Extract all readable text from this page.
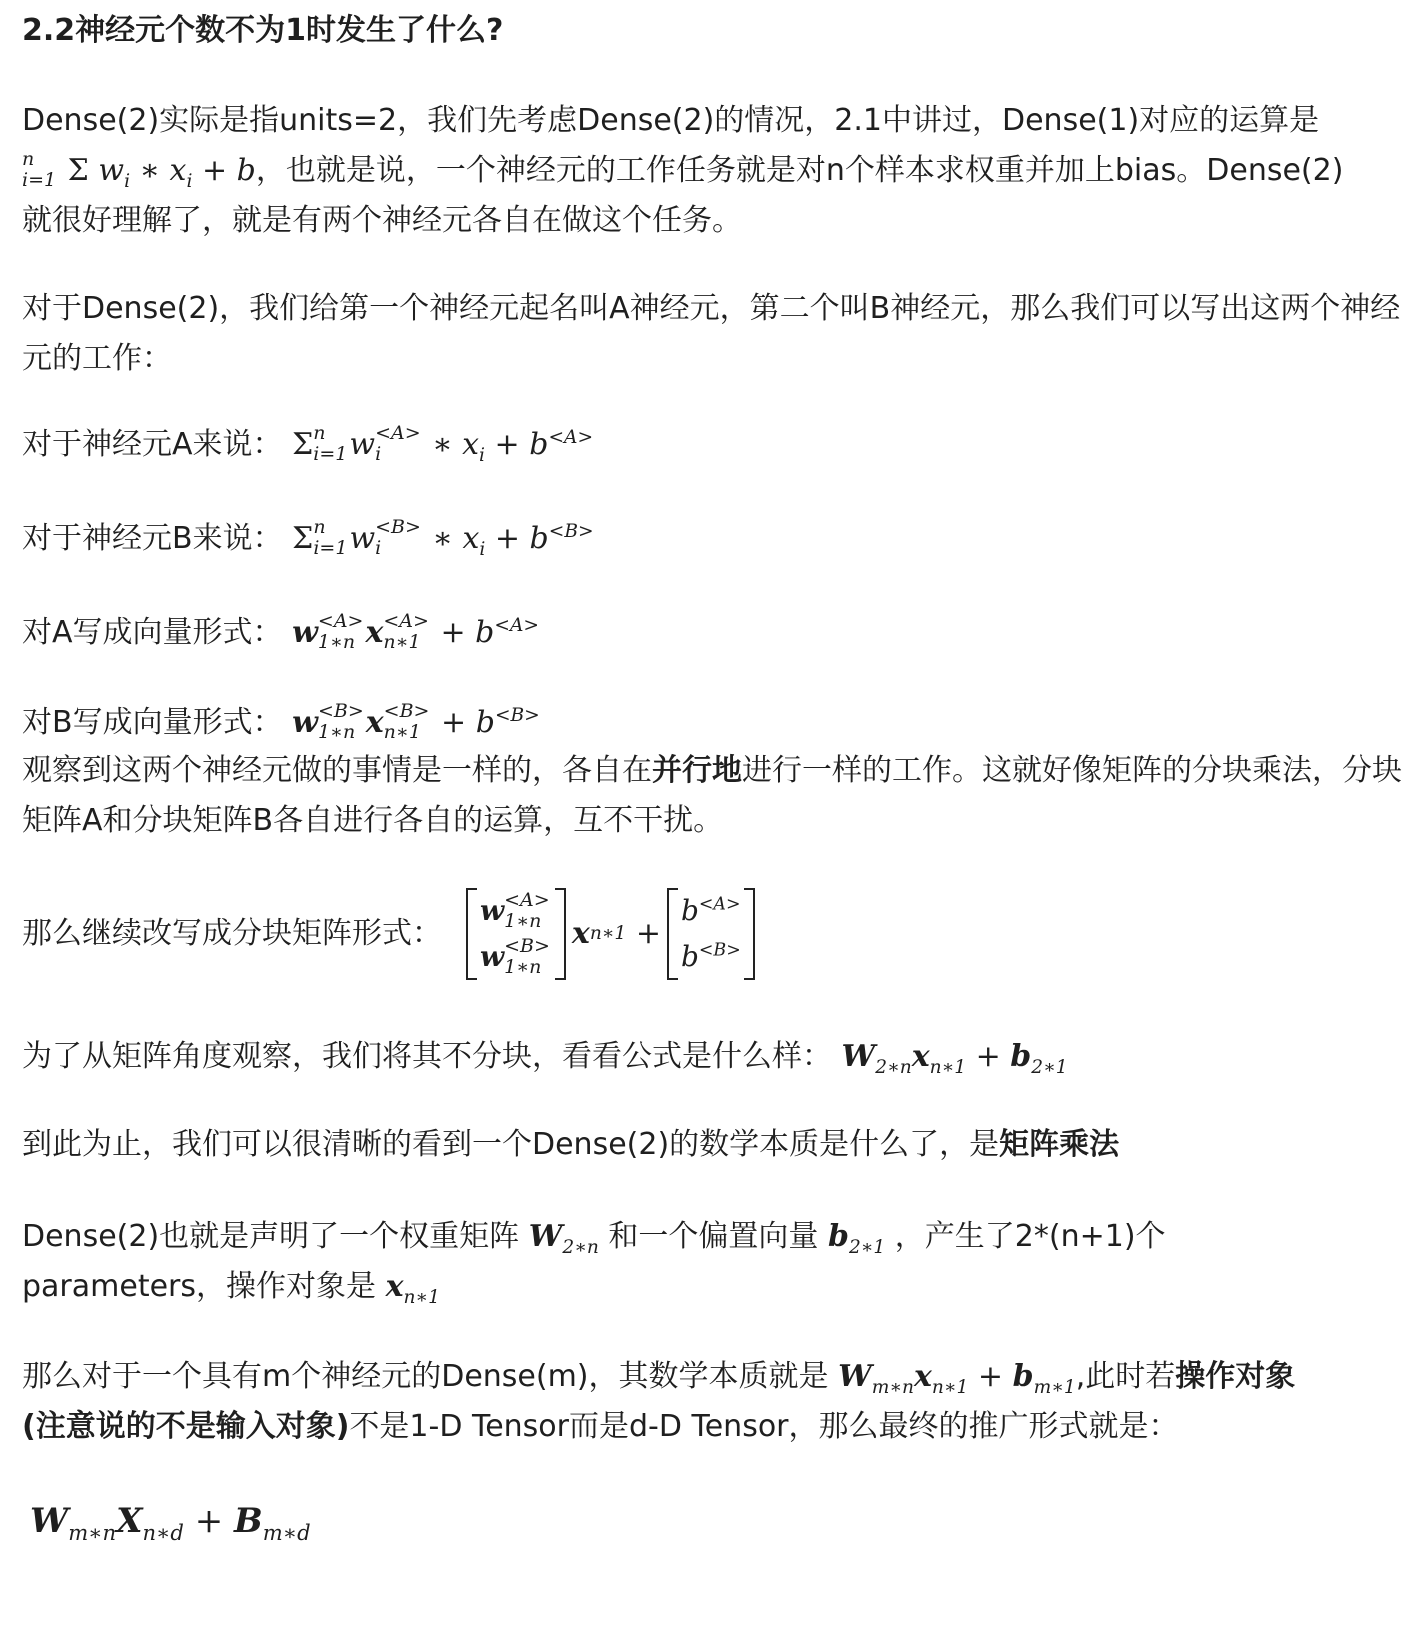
2.2神经元个数不为1时发生了什么?

Dense(2)实际是指units=2，我们先考虑Dense(2)的情况，2.1中讲过，Dense(1)对应的运算是

n
i=1 Σ $w_i$ ∗ $x_i + b$，也就是说，一个神经元的工作任务就是对n个样本求权重并加上bias。Dense(2)
就很好理解了，就是有两个神经元各自在做这个任务。

对于Dense(2)，我们给第一个神经元起名叫A神经元，第二个叫B神经元，那么我们可以写出这两个神经元的工作：

对于神经元A来说： Σ n
i=1 w <A>
i	∗ $x_i + b^{<A>}$
对于神经元B来说： Σ n
i=1 w <B>
i	∗ $x_i + b^{<B>}$
对A写成向量形式： w <A>
1∗n x <A>
n∗1 + $b^{<A>}$
对B写成向量形式： w <B>
1∗n x <B>
n∗1 + $b^{<B>}$

观察到这两个神经元做的事情是一样的，各自在并行地进行一样的工作。这就好像矩阵的分块乘法，分块矩阵A和分块矩阵B各自进行各自的运算，互不干扰。

那么继续改写成分块矩阵形式：
w <A>
1∗n
w <B>
1∗n
x n∗1
+
$b^{<A>}$
$b^{<B>}$
为了从矩阵角度观察，我们将其不分块，看看公式是什么样： $W_{2∗n}x_{n∗1} + b_{2∗1}$
到此为止，我们可以很清晰的看到一个Dense(2)的数学本质是什么了，是矩阵乘法

Dense(2)也就是声明了一个权重矩阵 $W_{2∗n}$ 和一个偏置向量 $b_{2∗1}$ ，产生了2*(n+1)个
parameters，操作对象是 $x_{n∗1}$

那么对于一个具有m个神经元的Dense(m)，其数学本质就是 $W_{m∗n}x_{n∗1} + b_{m∗1}$,此时若操作对象
(注意说的不是输入对象)不是1-D Tensor而是d-D Tensor，那么最终的推广形式就是：

$W_{m∗n}X_{n∗d} + B_{m∗d}$
